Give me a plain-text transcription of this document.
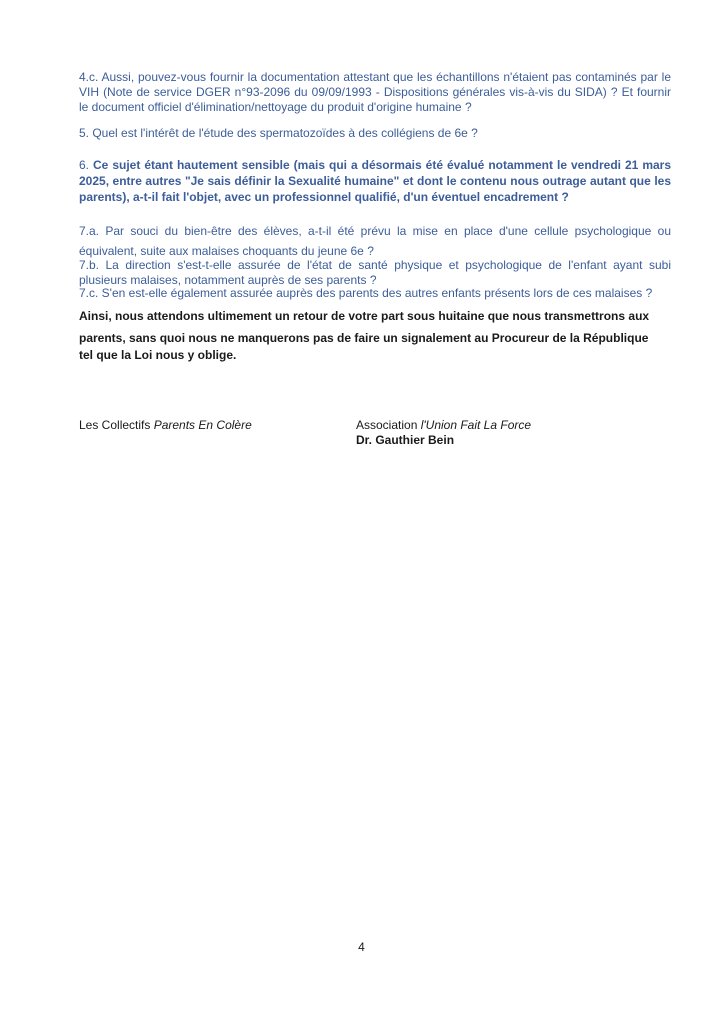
4.c. Aussi, pouvez-vous fournir la documentation attestant que les échantillons n'étaient pas contaminés par le VIH (Note de service DGER n°93-2096 du 09/09/1993 - Dispositions générales vis-à-vis du SIDA) ? Et fournir le document officiel d'élimination/nettoyage du produit d'origine humaine ?
5. Quel est l'intérêt de l'étude des spermatozoïdes à des collégiens de 6e ?
6. Ce sujet étant hautement sensible (mais qui a désormais été évalué notamment le vendredi 21 mars 2025, entre autres "Je sais définir la Sexualité humaine" et dont le contenu nous outrage autant que les parents), a-t-il fait l'objet, avec un professionnel qualifié, d'un éventuel encadrement ?
7.a. Par souci du bien-être des élèves, a-t-il été prévu la mise en place d'une cellule psychologique ou équivalent, suite aux malaises choquants du jeune 6e ?
7.b. La direction s'est-t-elle assurée de l'état de santé physique et psychologique de l'enfant ayant subi plusieurs malaises, notamment auprès de ses parents ?
7.c. S'en est-elle également assurée auprès des parents des autres enfants présents lors de ces malaises ?
Ainsi, nous attendons ultimement un retour de votre part sous huitaine que nous transmettrons aux
parents, sans quoi nous ne manquerons pas de faire un signalement au Procureur de la République
tel que la Loi nous y oblige.
Les Collectifs Parents En Colère	Association l'Union Fait La Force
Dr. Gauthier Bein
4
